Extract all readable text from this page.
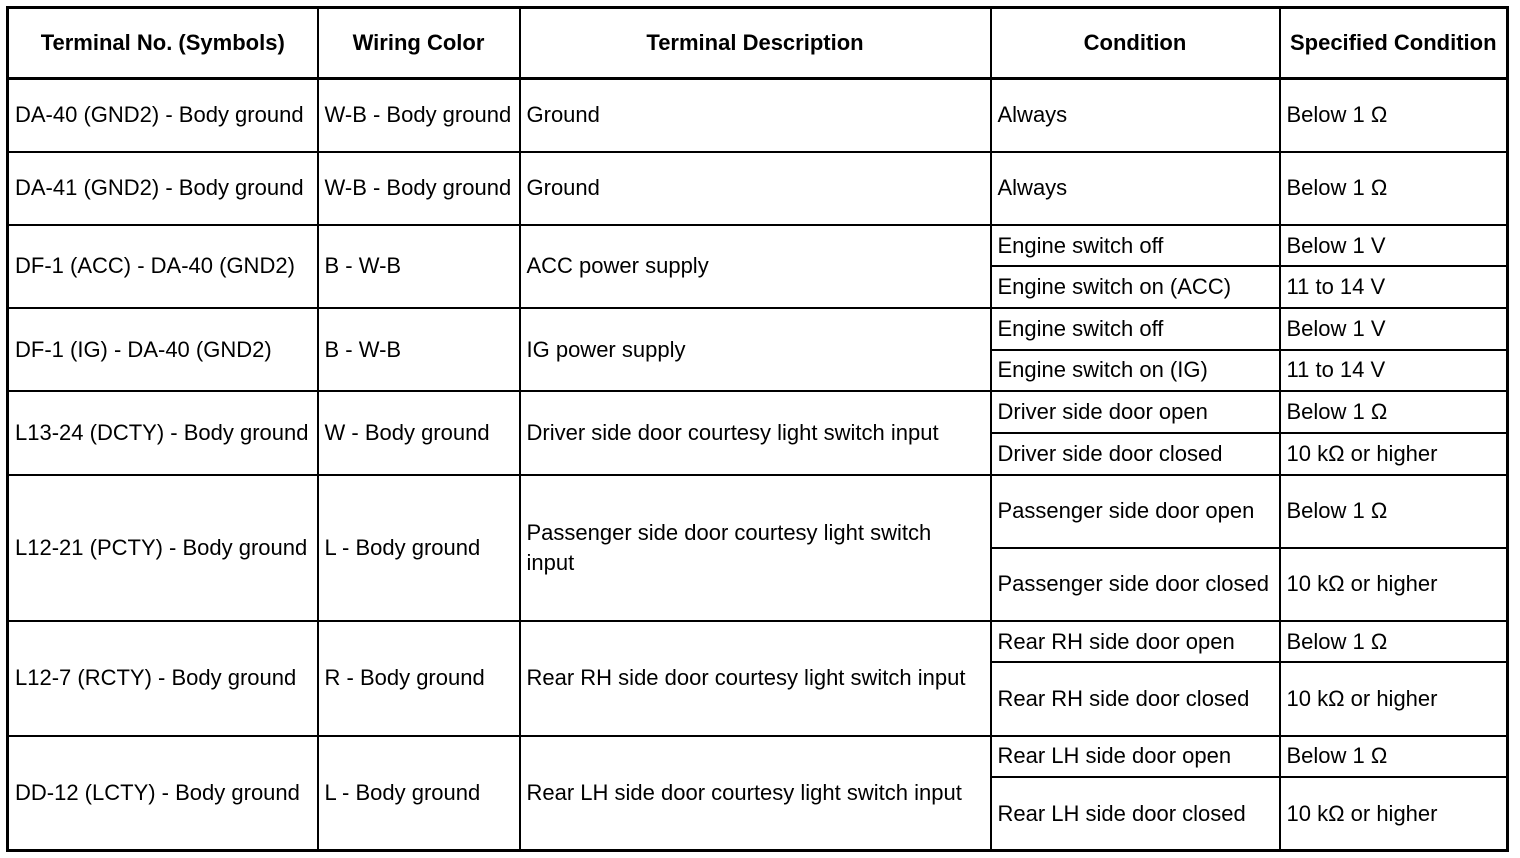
Terminal No. (Symbols)	Wiring Color	Terminal Description	Condition	Specified Condition
DA-40 (GND2) - Body ground	W-B - Body ground	Ground	Always	Below 1 Ω
DA-41 (GND2) - Body ground	W-B - Body ground	Ground	Always	Below 1 Ω
DF-1 (ACC) - DA-40 (GND2)	B - W-B	ACC power supply	Engine switch off	Below 1 V
			Engine switch on (ACC)	11 to 14 V
DF-1 (IG) - DA-40 (GND2)	B - W-B	IG power supply	Engine switch off	Below 1 V
			Engine switch on (IG)	11 to 14 V
L13-24 (DCTY) - Body ground	W - Body ground	Driver side door courtesy light switch input	Driver side door open	Below 1 Ω
			Driver side door closed	10 kΩ or higher
L12-21 (PCTY) - Body ground	L - Body ground	Passenger side door courtesy light switch input	Passenger side door open	Below 1 Ω
			Passenger side door closed	10 kΩ or higher
L12-7 (RCTY) - Body ground	R - Body ground	Rear RH side door courtesy light switch input	Rear RH side door open	Below 1 Ω
			Rear RH side door closed	10 kΩ or higher
DD-12 (LCTY) - Body ground	L - Body ground	Rear LH side door courtesy light switch input	Rear LH side door open	Below 1 Ω
			Rear LH side door closed	10 kΩ or higher
